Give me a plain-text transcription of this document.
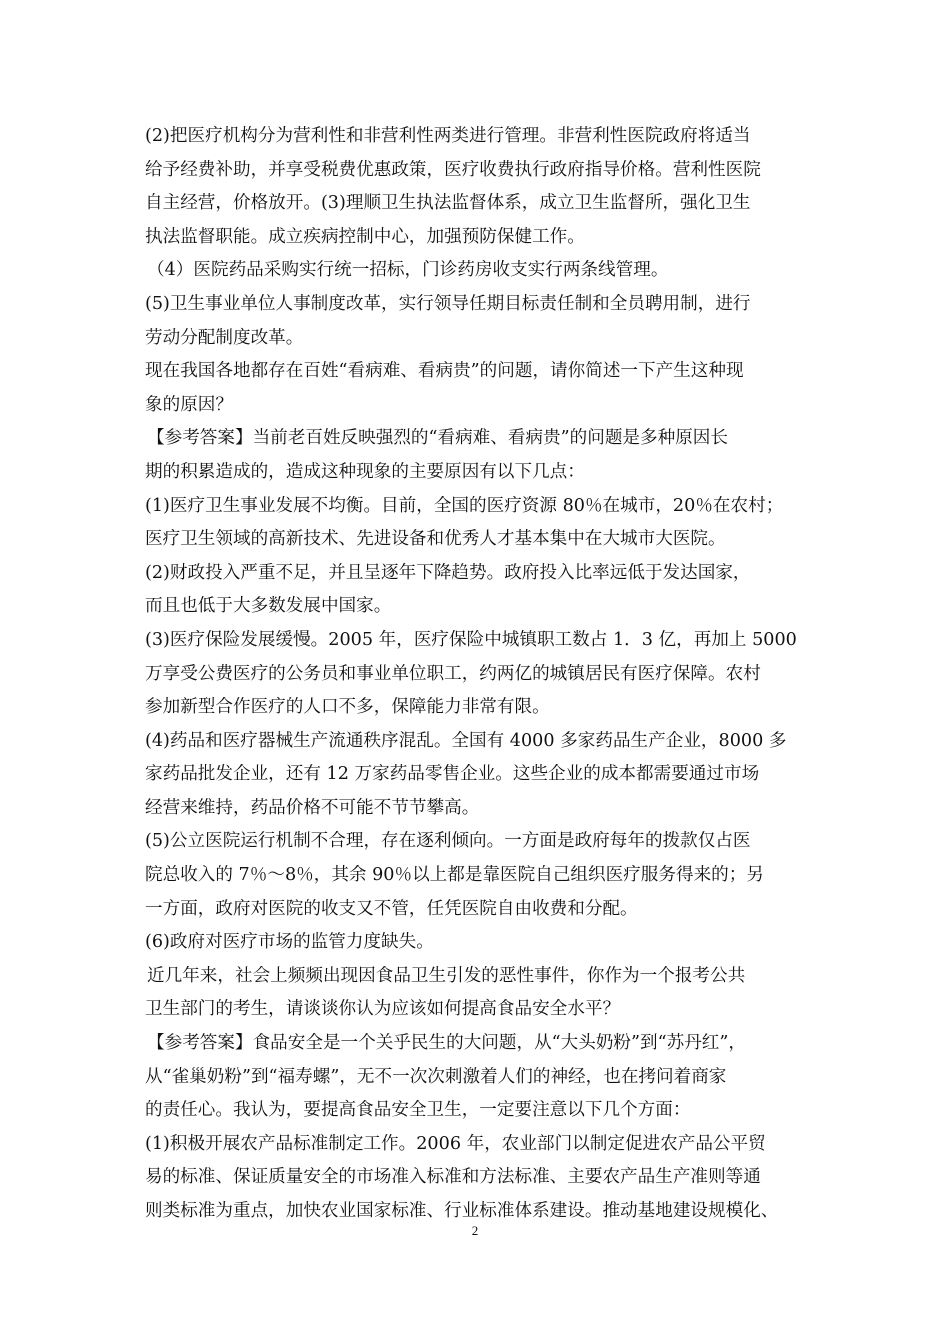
(2)把医疗机构分为营利性和非营利性两类进行管理。非营利性医院政府将适当
给予经费补助，并享受税费优惠政策，医疗收费执行政府指导价格。营利性医院
自主经营，价格放开。(3)理顺卫生执法监督体系，成立卫生监督所，强化卫生
执法监督职能。成立疾病控制中心，加强预防保健工作。
（4）医院药品采购实行统一招标，门诊药房收支实行两条线管理。
(5)卫生事业单位人事制度改革，实行领导任期目标责任制和全员聘用制，进行
劳动分配制度改革。
现在我国各地都存在百姓“看病难、看病贵”的问题，请你简述一下产生这种现
象的原因？
【参考答案】当前老百姓反映强烈的“看病难、看病贵”的问题是多种原因长
期的积累造成的，造成这种现象的主要原因有以下几点：
(1)医疗卫生事业发展不均衡。目前，全国的医疗资源 80％在城市，20％在农村；
医疗卫生领域的高新技术、先进设备和优秀人才基本集中在大城市大医院。
(2)财政投入严重不足，并且呈逐年下降趋势。政府投入比率远低于发达国家，
而且也低于大多数发展中国家。
(3)医疗保险发展缓慢。2005 年，医疗保险中城镇职工数占 1．3 亿，再加上 5000
万享受公费医疗的公务员和事业单位职工，约两亿的城镇居民有医疗保障。农村
参加新型合作医疗的人口不多，保障能力非常有限。
(4)药品和医疗器械生产流通秩序混乱。全国有 4000 多家药品生产企业，8000 多
家药品批发企业，还有 12 万家药品零售企业。这些企业的成本都需要通过市场
经营来维持，药品价格不可能不节节攀高。
(5)公立医院运行机制不合理，存在逐利倾向。一方面是政府每年的拨款仅占医
院总收入的 7％～8％，其余 90％以上都是靠医院自己组织医疗服务得来的；另
一方面，政府对医院的收支又不管，任凭医院自由收费和分配。
(6)政府对医疗市场的监管力度缺失。
近几年来，社会上频频出现因食品卫生引发的恶性事件，你作为一个报考公共
卫生部门的考生，请谈谈你认为应该如何提高食品安全水平？
【参考答案】食品安全是一个关乎民生的大问题，从“大头奶粉”到“苏丹红”，
从“雀巢奶粉”到“福寿螺”，无不一次次刺激着人们的神经，也在拷问着商家
的责任心。我认为，要提高食品安全卫生，一定要注意以下几个方面：
(1)积极开展农产品标准制定工作。2006 年，农业部门以制定促进农产品公平贸
易的标准、保证质量安全的市场准入标准和方法标准、主要农产品生产准则等通
则类标准为重点，加快农业国家标准、行业标准体系建设。推动基地建设规模化、
2
